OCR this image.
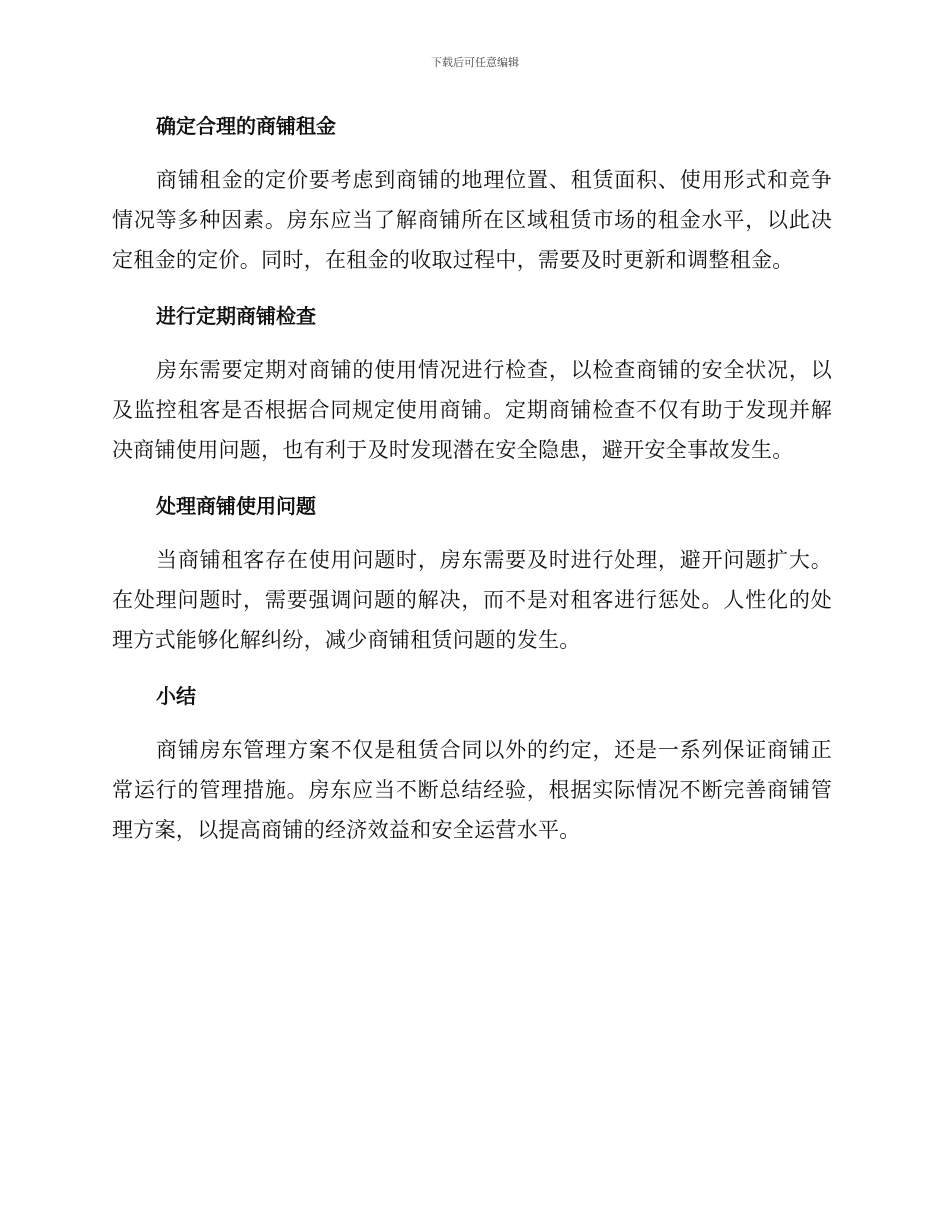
下载后可任意编辑
确定合理的商铺租金

商铺租金的定价要考虑到商铺的地理位置、租赁面积、使用形式和竞争情况等多种因素。房东应当了解商铺所在区域租赁市场的租金水平，以此决定租金的定价。同时，在租金的收取过程中，需要及时更新和调整租金。

进行定期商铺检查

房东需要定期对商铺的使用情况进行检查，以检查商铺的安全状况，以及监控租客是否根据合同规定使用商铺。定期商铺检查不仅有助于发现并解决商铺使用问题，也有利于及时发现潜在安全隐患，避开安全事故发生。

处理商铺使用问题

当商铺租客存在使用问题时，房东需要及时进行处理，避开问题扩大。在处理问题时，需要强调问题的解决，而不是对租客进行惩处。人性化的处理方式能够化解纠纷，减少商铺租赁问题的发生。

小结

商铺房东管理方案不仅是租赁合同以外的约定，还是一系列保证商铺正常运行的管理措施。房东应当不断总结经验，根据实际情况不断完善商铺管理方案，以提高商铺的经济效益和安全运营水平。
